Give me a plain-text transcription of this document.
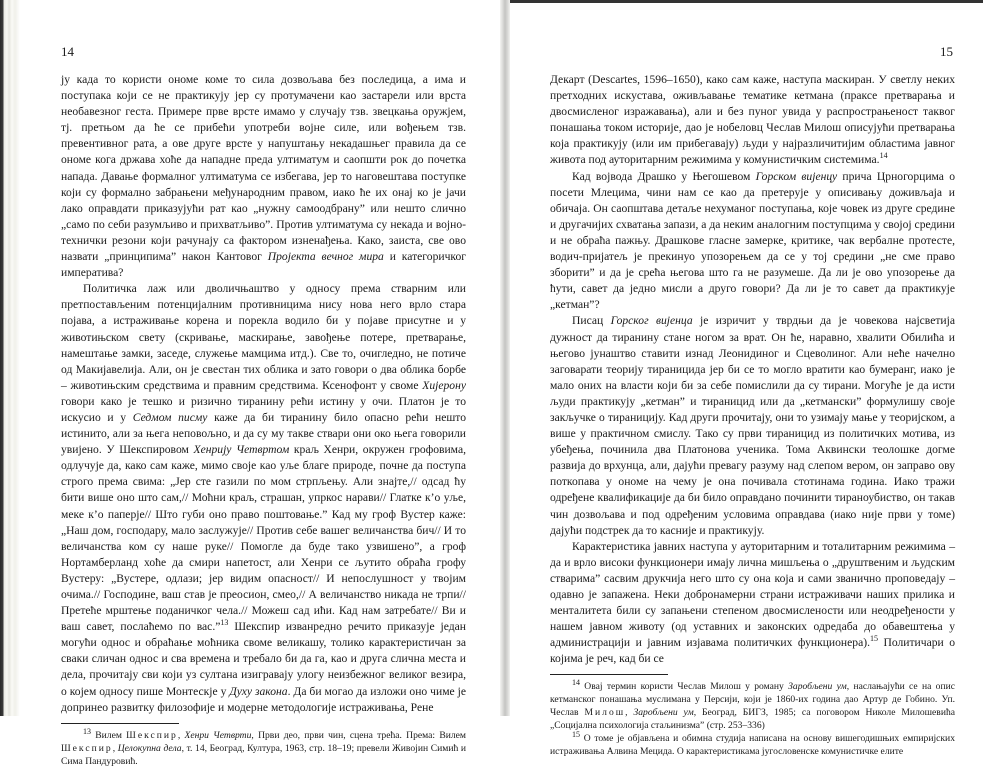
14

ју када то користи ономе коме то сила дозвољава без последица, а има и поступака који се не практикују јер су протумачени као застарели или врста необавезног геста. Примере прве врсте имамо у случају тзв. звецкања оружјем, тј. претњом да ће се прибећи употреби војне силе, или вођењем тзв. превентивног рата, а ове друге врсте у напуштању некадашњег правила да се ономе кога држава хоће да нападне преда ултиматум и саопшти рок до почетка напада. Давање формалног ултиматума се избегава, јер то наговештава поступке који су формално забрањени међународним правом, иако ће их онај ко је јачи лако оправдати приказујући рат као „нужну самоодбрану” или нешто слично „само по себи разумљиво и прихватљиво”. Против ултиматума су некада и војно-технички резони који рачунају са фактором изненађења. Како, заиста, све ово назвати „принципима” након Кантовог Пројекта вечног мира и категоричког императива?

Политичка лаж или дволичњаштво у односу према стварним или претпостављеним потенцијалним противницима нису нова него врло стара појава, а истраживање корена и порекла водило би у појаве присутне и у животињском свету (скривање, маскирање, завођење потере, претварање, намештање замки, заседе, служење мамцима итд.). Све то, очигледно, не потиче од Макијавелија. Али, он је свестан тих облика и зато говори о два облика борбе – животињским средствима и правним средствима. Ксенофонт у своме Хијерону говори како је тешко и ризично тиранину рећи истину у очи. Платон је то искусио и у Седмом писму каже да би тиранину било опасно рећи нешто истинито, али за њега неповољно, и да су му такве ствари они око њега говорили увијено. У Шекспировом Хенрију Четвртом краљ Хенри, окружен грофовима, одлучује да, како сам каже, мимо своје као уље благе природе, почне да поступа строго према свима: „Јер сте газили по мом стрпљењу. Али знајте,// одсад ћу бити више оно што сам,// Моћни краљ, страшан, упркос нарави// Глатке к’о уље, меке к’о паперје// Што губи оно право поштовање.” Кад му гроф Вустер каже: „Наш дом, господару, мало заслужује// Против себе вашег величанства бич// И то величанства ком су наше руке// Помогле да буде тако узвишено”, а гроф Нортамберланд хоће да смири напетост, али Хенри се љутито обраћа грофу Вустеру: „Вустере, одлази; јер видим опасност// И непослушност у твојим очима.// Господине, ваш став је преосион, смео,// А величанство никада не трпи// Претеће мрштење поданичког чела.// Можеш сад ићи. Кад нам затребате// Ви и ваш савет, послаћемо по вас.”$^{13}$ Шекспир изванредно речито приказује један могући однос и обраћање моћника своме великашу, толико карактеристичан за сваки сличан однос и сва времена и требало би да га, као и друга слична места и дела, прочитају сви који уз султана изигравају улогу неизбежног великог везира, о којем односу пише Монтескје у Духу закона. Да би могао да изложи оно чиме је допринео развитку филозофије и модерне методологије истраживања, Рене

$^{13}$ Вилем Шекспир, Хенри Четврти, Први део, први чин, сцена трећа. Према: Вилем Шекспир, Целокупна дела, т. 14, Београд, Култура, 1963, стр. 18–19; превели Живојин Симић и Сима Пандуровић.

15

Декарт (Descartes, 1596–1650), како сам каже, наступа маскиран. У светлу неких претходних искустава, оживљавање тематике кетмана (праксе претварања и двосмисленог изражавања), али и без пуног увида у распрострањеност таквог понашања током историје, дао је нобеловц Чеслав Милош описујући претварања која практикују (или им прибегавају) људи у најразличитијим областима јавног живота под ауторитарним режимима у комунистичким системима.$^{14}$

Кад војвода Драшко у Његошевом Горском вијенцу прича Црногорцима о посети Млецима, чини нам се као да претерује у описивању доживљаја и обичаја. Он саопштава детаље нехуманог поступања, које човек из друге средине и другачијих схватања запази, а да неким аналогним поступцима у својој средини и не обраћа пажњу. Драшкове гласне замерке, критике, чак вербалне протесте, водич-пријатељ је прекинуо упозорењем да се у тој средини „не сме право зборити” и да је срећа његова што га не разумеше. Да ли је ово упозорење да ћути, савет да једно мисли а друго говори? Да ли је то савет да практикује „кетман”?

Писац Горског вијенца је изричит у тврдњи да је човекова најсветија дужност да тиранину стане ногом за врат. Он ће, наравно, хвалити Обилића и његово јунаштво ставити изнад Леонидиног и Сцеволиног. Али неће начелно заговарати теорију тираницида јер би се то могло вратити као бумеранг, иако је мало оних на власти који би за себе помислили да су тирани. Могуће је да исти људи практикују „кетман” и тираницид или да „кетмански” формулишу своје закључке о тираницију. Кад други прочитају, они то узимају мање у теоријском, а више у практичном смислу. Тако су први тираницид из политичких мотива, из убеђења, починила два Платонова ученика. Тома Аквински теолошке догме развија до врхунца, али, дајући превагу разуму над слепом вером, он заправо ову поткопава у ономе на чему је она почивала стотинама година. Иако тражи одређене квалификације да би било оправдано починити тираноубиство, он такав чин дозвољава и под одређеним условима оправдава (иако није први у томе) дајући подстрек да то касније и практикују.

Карактеристика јавних наступа у ауторитарним и тоталитарним режимима – да и врло високи функционери имају лична мишљења о „друштвеним и људским стварима” сасвим друкчија него што су она која и сами званично проповедају – одавно је запажена. Неки добронамерни страни истраживачи наших прилика и менталитета били су запањени степеном двосмислености или неодређености у нашем јавном животу (од уставних и законских одредаба до обавештења у администрацији и јавним изјавама политичких функционера).$^{15}$ Политичари о којима је реч, кад би се

$^{14}$ Овај термин користи Чеслав Милош у роману Заробљени ум, наслањајући се на опис кетманског понашања муслимана у Персији, који је 1860-их година дао Артур де Гобино. Уп. Чеслав Милош, Заробљени ум, Београд, БИГЗ, 1985; са поговором Николе Милошевића „Социјална психологија стаљинизма” (стр. 253–336)

$^{15}$ О томе је објављена и обимна студија написана на основу вишегодишњих емпиријских истраживања Алвина Мецида. О карактеристикама југословенске комунистичке елите
